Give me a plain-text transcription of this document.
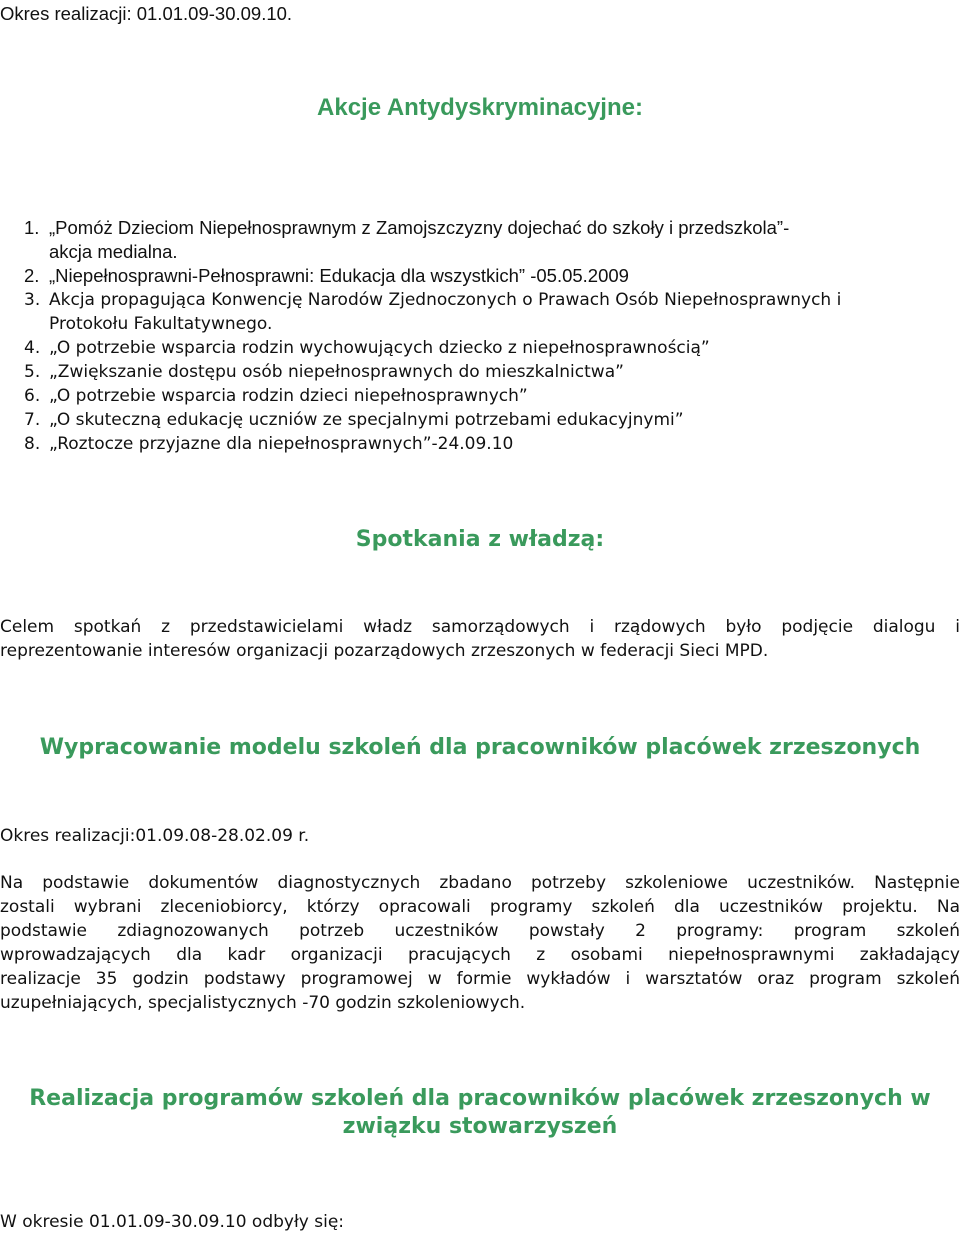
Okres realizacji: 01.01.09-30.09.10.
Akcje Antydyskryminacyjne:
1. „Pomóż Dzieciom Niepełnosprawnym z Zamojszczyzny dojechać do szkoły i przedszkola”-
akcja medialna.
2. „Niepełnosprawni-Pełnosprawni: Edukacja dla wszystkich” -05.05.2009
3. Akcja propagująca Konwencję Narodów Zjednoczonych o Prawach Osób Niepełnosprawnych i
Protokołu Fakultatywnego.
4. „O potrzebie wsparcia rodzin wychowujących dziecko z niepełnosprawnością”
5. „Zwiększanie dostępu osób niepełnosprawnych do mieszkalnictwa”
6. „O potrzebie wsparcia rodzin dzieci niepełnosprawnych”
7. „O skuteczną edukację uczniów ze specjalnymi potrzebami edukacyjnymi”
8. „Roztocze przyjazne dla niepełnosprawnych”-24.09.10
Spotkania z władzą:
Celem spotkań z przedstawicielami władz samorządowych i rządowych było podjęcie dialogu i
reprezentowanie interesów organizacji pozarządowych zrzeszonych w federacji Sieci MPD.
Wypracowanie modelu szkoleń dla pracowników placówek zrzeszonych
Okres realizacji:01.09.08-28.02.09 r.
Na podstawie dokumentów diagnostycznych zbadano potrzeby szkoleniowe uczestników. Następnie
zostali wybrani zleceniobiorcy, którzy opracowali programy szkoleń dla uczestników projektu. Na
podstawie zdiagnozowanych potrzeb uczestników powstały 2 programy: program szkoleń
wprowadzających dla kadr organizacji pracujących z osobami niepełnosprawnymi zakładający
realizacje 35 godzin podstawy programowej w formie wykładów i warsztatów oraz program szkoleń
uzupełniających, specjalistycznych -70 godzin szkoleniowych.
Realizacja programów szkoleń dla pracowników placówek zrzeszonych w
związku stowarzyszeń
W okresie 01.01.09-30.09.10 odbyły się:
